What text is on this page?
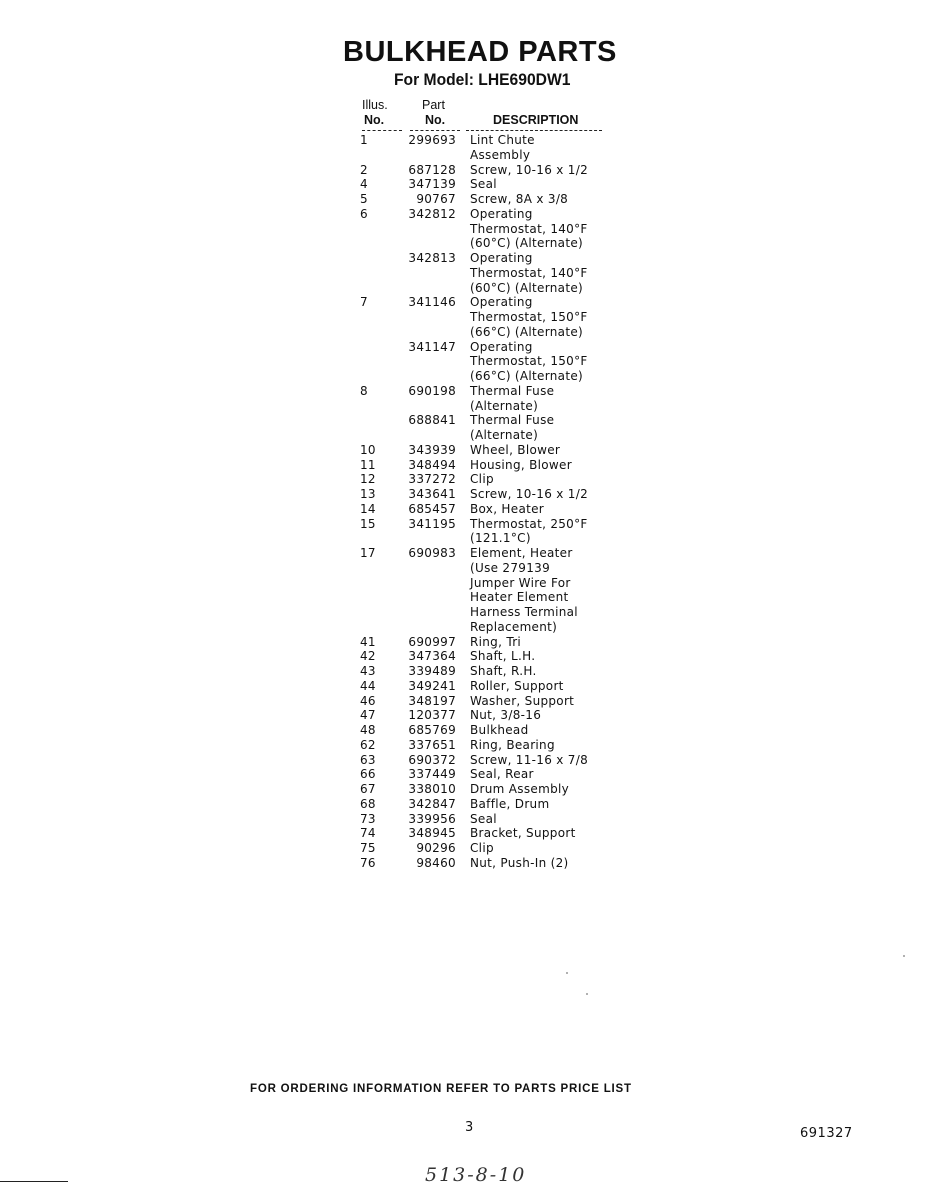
BULKHEAD PARTS
For Model: LHE690DW1
Illus.
No.
Part
No.	DESCRIPTION
1	299693 Lint Chute
Assembly
2	687128 Screw, 10-16 x 1/2
4	347139 Seal
5	90767 Screw, 8A x 3/8
6	342812 Operating
Thermostat, 140°F
(60°C) (Alternate)
342813 Operating
Thermostat, 140°F
(60°C) (Alternate)
7	341146 Operating
Thermostat, 150°F
(66°C) (Alternate)
341147 Operating
Thermostat, 150°F
(66°C) (Alternate)
8	690198 Thermal Fuse
(Alternate)
688841 Thermal Fuse
(Alternate)
10	343939 Wheel, Blower
11	348494 Housing, Blower
12	337272 Clip
13	343641 Screw, 10-16 x 1/2
14	685457 Box, Heater
15	341195 Thermostat, 250°F
(121.1°C)
17	690983 Element, Heater
(Use 279139
Jumper Wire For
Heater Element
Harness Terminal
Replacement)
41	690997 Ring, Tri
42	347364 Shaft, L.H.
43	339489 Shaft, R.H.
44	349241 Roller, Support
46	348197 Washer, Support
47	120377 Nut, 3/8-16
48	685769 Bulkhead
62	337651 Ring, Bearing
63	690372 Screw, 11-16 x 7/8
66	337449 Seal, Rear
67	338010 Drum Assembly
68	342847 Baffle, Drum
73	339956 Seal
74	348945 Bracket, Support
75	90296 Clip
76	98460 Nut, Push-In (2)
FOR ORDERING INFORMATION REFER TO PARTS PRICE LIST
3	691327
513-8-10
